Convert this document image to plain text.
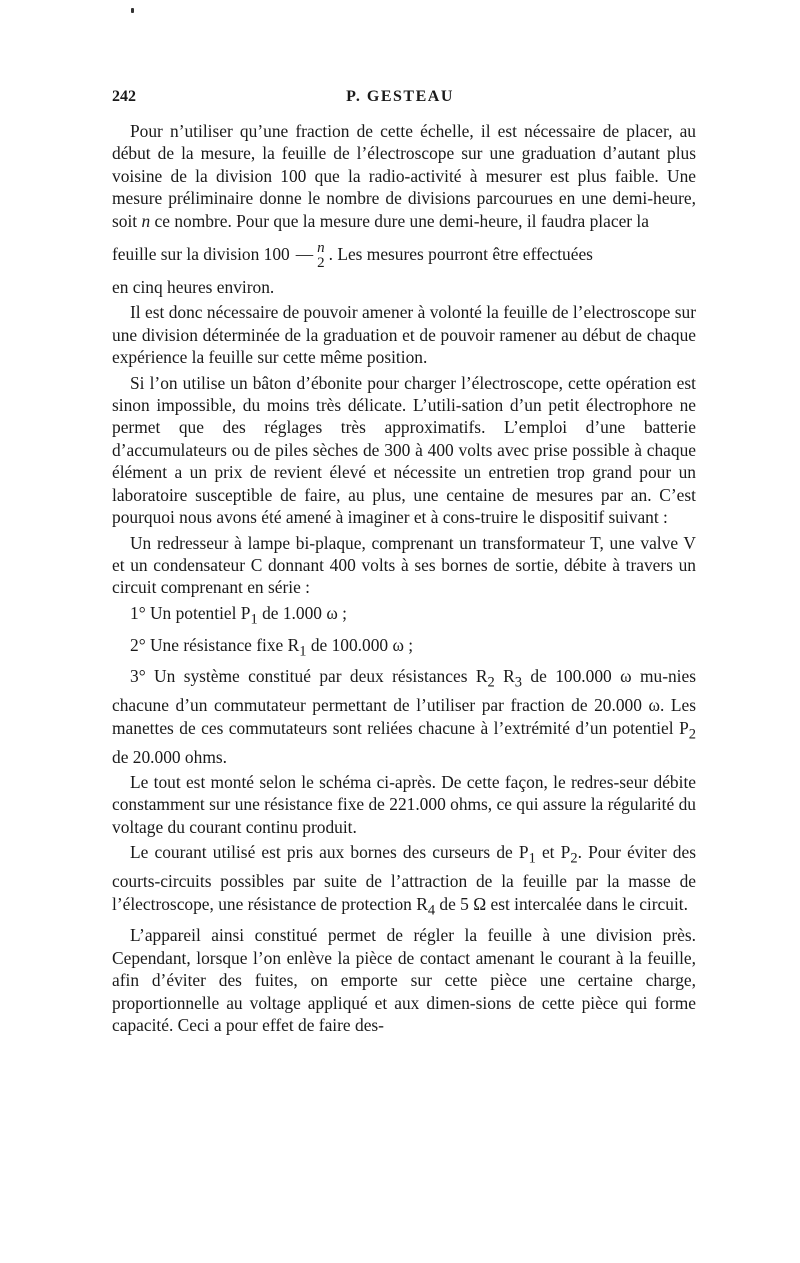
242	P. GESTEAU

Pour n’utiliser qu’une fraction de cette échelle, il est nécessaire de placer, au début de la mesure, la feuille de l’électroscope sur une graduation d’autant plus voisine de la division 100 que la radio-activité à mesurer est plus faible. Une mesure préliminaire donne le nombre de divisions parcourues en une demi-heure, soit n ce nombre. Pour que la mesure dure une demi-heure, il faudra placer la

feuille sur la division 100 — n
2 . Les mesures pourront être effectuées

en cinq heures environ.

Il est donc nécessaire de pouvoir amener à volonté la feuille de l’electroscope sur une division déterminée de la graduation et de pouvoir ramener au début de chaque expérience la feuille sur cette même position.

Si l’on utilise un bâton d’ébonite pour charger l’électroscope, cette opération est sinon impossible, du moins très délicate. L’utili-sation d’un petit électrophore ne permet que des réglages très approximatifs. L’emploi d’une batterie d’accumulateurs ou de piles sèches de 300 à 400 volts avec prise possible à chaque élément a un prix de revient élevé et nécessite un entretien trop grand pour un laboratoire susceptible de faire, au plus, une centaine de mesures par an. C’est pourquoi nous avons été amené à imaginer et à cons-truire le dispositif suivant :

Un redresseur à lampe bi-plaque, comprenant un transformateur T, une valve V et un condensateur C donnant 400 volts à ses bornes de sortie, débite à travers un circuit comprenant en série :

1° Un potentiel $P_1$ de 1.000 ω ;

2° Une résistance fixe $R_1$ de 100.000 ω ;

3° Un système constitué par deux résistances $R_2$ $R_3$ de 100.000 ω mu-nies chacune d’un commutateur permettant de l’utiliser par fraction de 20.000 ω. Les manettes de ces commutateurs sont reliées chacune à l’extrémité d’un potentiel $P_2$ de 20.000 ohms.

Le tout est monté selon le schéma ci-après. De cette façon, le redres-seur débite constamment sur une résistance fixe de 221.000 ohms, ce qui assure la régularité du voltage du courant continu produit.

Le courant utilisé est pris aux bornes des curseurs de $P_1$ et $P_2$. Pour éviter des courts-circuits possibles par suite de l’attraction de la feuille par la masse de l’électroscope, une résistance de protection $R_4$ de 5 Ω est intercalée dans le circuit.

L’appareil ainsi constitué permet de régler la feuille à une division près. Cependant, lorsque l’on enlève la pièce de contact amenant le courant à la feuille, afin d’éviter des fuites, on emporte sur cette pièce une certaine charge, proportionnelle au voltage appliqué et aux dimen-sions de cette pièce qui forme capacité. Ceci a pour effet de faire des-
